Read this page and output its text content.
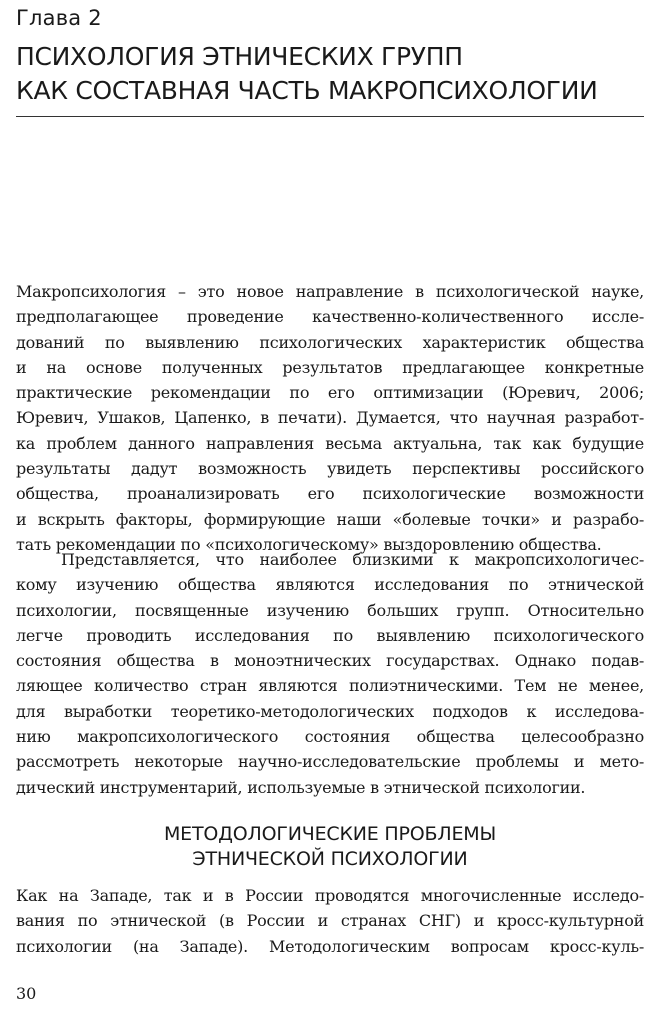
Глава 2
ПСИХОЛОГИЯ ЭТНИЧЕСКИХ ГРУПП
КАК СОСТАВНАЯ ЧАСТЬ МАКРОПСИХОЛОГИИ
Макропсихология – это новое направление в психологической науке,
предполагающее проведение качественно-количественного иссле-
дований по выявлению психологических характеристик общества
и на основе полученных результатов предлагающее конкретные
практические рекомендации по его оптимизации (Юревич, 2006;
Юревич, Ушаков, Цапенко, в печати). Думается, что научная разработ-
ка проблем данного направления весьма актуальна, так как будущие
результаты дадут возможность увидеть перспективы российского
общества, проанализировать его психологические возможности
и вскрыть факторы, формирующие наши «болевые точки» и разрабо-
тать рекомендации по «психологическому» выздоровлению общества.
Представляется, что наиболее близкими к макропсихологичес-
кому изучению общества являются исследования по этнической
психологии, посвященные изучению больших групп. Относительно
легче проводить исследования по выявлению психологического
состояния общества в моноэтнических государствах. Однако подав-
ляющее количество стран являются полиэтническими. Тем не менее,
для выработки теоретико-методологических подходов к исследова-
нию макропсихологического состояния общества целесообразно
рассмотреть некоторые научно-исследовательские проблемы и мето-
дический инструментарий, используемые в этнической психологии.
МЕТОДОЛОГИЧЕСКИЕ ПРОБЛЕМЫ
ЭТНИЧЕСКОЙ ПСИХОЛОГИИ
Как на Западе, так и в России проводятся многочисленные исследо-
вания по этнической (в России и странах СНГ) и кросс-культурной
психологии (на Западе). Методологическим вопросам кросс-куль-
30
